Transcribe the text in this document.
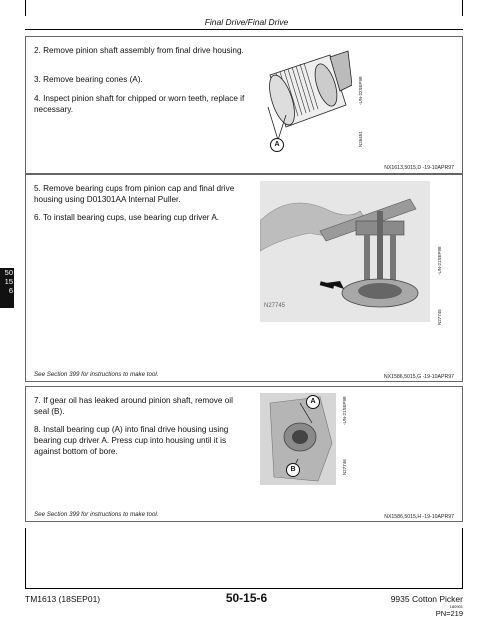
Final Drive/Final Drive
50
15
6
2. Remove pinion shaft assembly from final drive housing.
3. Remove bearing cones (A).
4. Inspect pinion shaft for chipped or worn teeth, replace if necessary.
A
-UN-22SEP98
N26451
NX1613,5015,D -19-10APR97
5. Remove bearing cups from pinion cap and final drive housing using D01301AA Internal Puller.
6. To install bearing cups, use bearing cup driver A.
N27745
-UN-21SEP98
N27745
See Section 399 for instructions to make tool.	NX1586,5015,G -19-10APR97
7. If gear oil has leaked around pinion shaft, remove oil seal (B).
8. Install bearing cup (A) into final drive housing using bearing cup driver A. Press cup into housing until it is against bottom of bore.
A
B
-UN-21SEP98
N27746
See Section 399 for instructions to make tool.	NX1586,5015,H -19-10APR97
TM1613 (18SEP01)	50-15-6	9935 Cotton Picker
180901
PN=219
